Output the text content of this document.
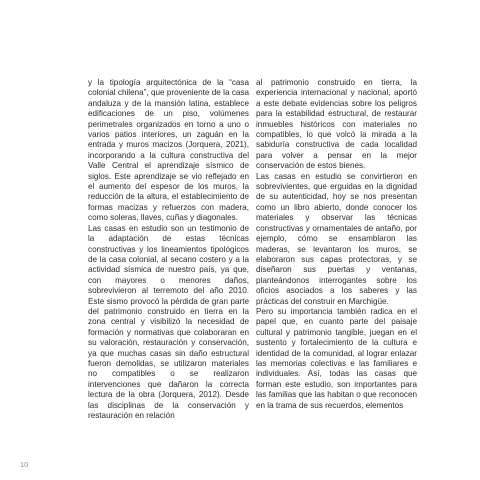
y la tipología arquitectónica de la “casa colonial chilena”, que proveniente de la casa andaluza y de la mansión latina, establece edificaciones de un piso, volúmenes perimetrales organizados en torno a uno o varios patios interiores, un zaguán en la entrada y muros macizos (Jorquera, 2021), incorporando a la cultura constructiva del Valle Central el aprendizaje sísmico de siglos. Este aprendizaje se vio reflejado en el aumento del espesor de los muros, la reducción de la altura, el establecimiento de formas macizas y refuerzos con madera, como soleras, llaves, cuñas y diagonales.

Las casas en estudio son un testimonio de la adaptación de estas técnicas constructivas y los lineamientos tipológicos de la casa colonial, al secano costero y a la actividad sísmica de nuestro país, ya que, con mayores o menores daños, sobrevivieron al terremoto del año 2010. Este sismo provocó la pérdida de gran parte del patrimonio construido en tierra en la zona central y visibilizó la necesidad de formación y normativas que colaboraran en su valoración, restauración y conservación, ya que muchas casas sin daño estructural fueron demolidas, se utilizaron materiales no compatibles o se realizaron intervenciones que dañaron la correcta lectura de la obra (Jorquera, 2012). Desde las disciplinas de la conservación y restauración en relación

al patrimonio construido en tierra, la experiencia internacional y nacional, aportó a este debate evidencias sobre los peligros para la estabilidad estructural, de restaurar inmuebles históricos con materiales no compatibles, lo que volcó la mirada a la sabiduría constructiva de cada localidad para volver a pensar en la mejor conservación de estos bienes.

Las casas en estudio se convirtieron en sobrevivientes, que erguidas en la dignidad de su autenticidad, hoy se nos presentan como un libro abierto, donde conocer los materiales y observar las técnicas constructivas y ornamentales de antaño, por ejemplo, cómo se ensamblaron las maderas, se levantaron los muros, se elaboraron sus capas protectoras, y se diseñaron sus puertas y ventanas, planteándonos interrogantes sobre los oficios asociados a los saberes y las prácticas del construir en Marchigüe.

Pero su importancia también radica en el papel que, en cuanto parte del paisaje cultural y patrimonio tangible, juegan en el sustento y fortalecimiento de la cultura e identidad de la comunidad, al lograr enlazar las memorias colectivas e las familiares e individuales. Así, todas las casas que forman este estudio, son importantes para las familias que las habitan o que reconocen en la trama de sus recuerdos, elementos

10
